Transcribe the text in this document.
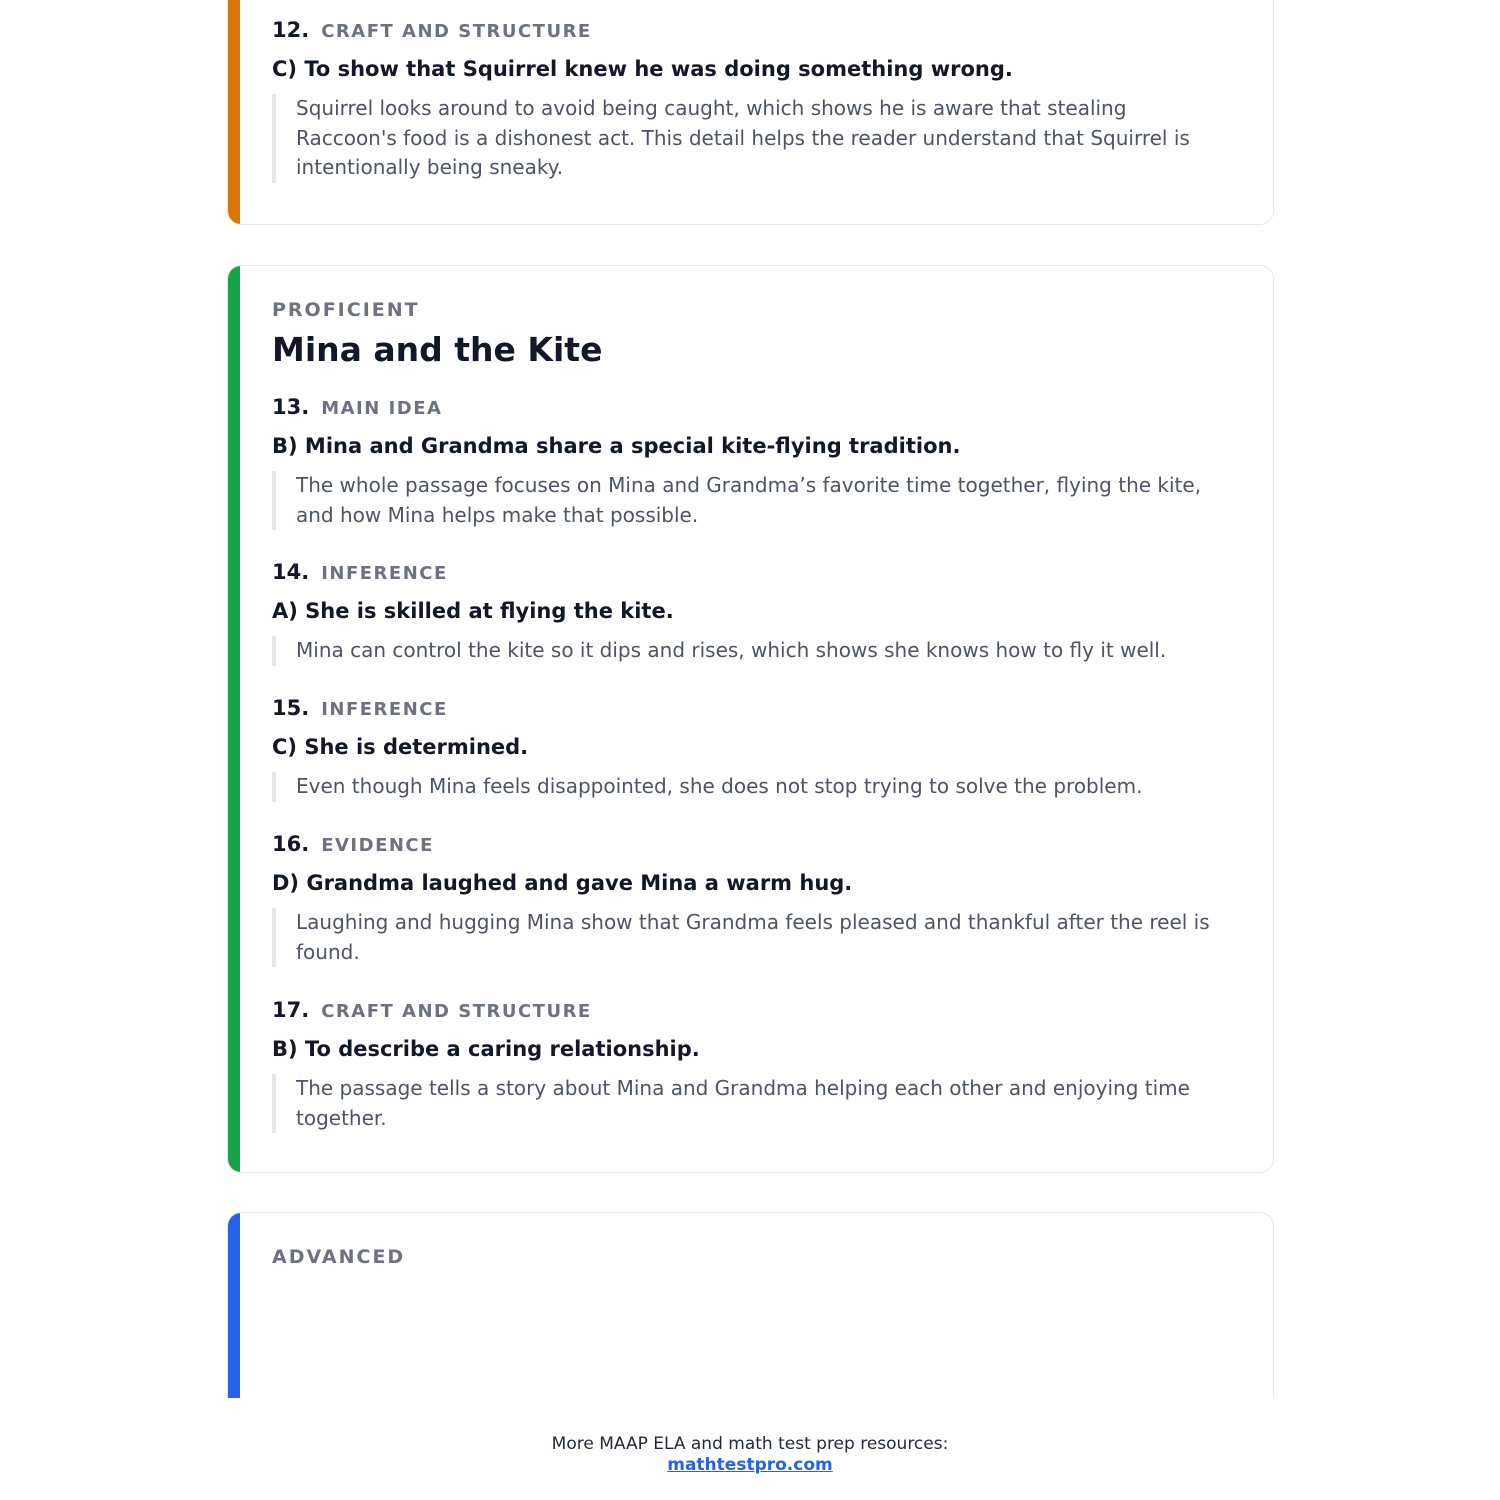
12. CRAFT AND STRUCTURE
C) To show that Squirrel knew he was doing something wrong.
Squirrel looks around to avoid being caught, which shows he is aware that stealing Raccoon's food is a dishonest act. This detail helps the reader understand that Squirrel is intentionally being sneaky.
PROFICIENT
Mina and the Kite
13. MAIN IDEA
B) Mina and Grandma share a special kite-flying tradition.
The whole passage focuses on Mina and Grandma’s favorite time together, flying the kite, and how Mina helps make that possible.
14. INFERENCE
A) She is skilled at flying the kite.
Mina can control the kite so it dips and rises, which shows she knows how to fly it well.
15. INFERENCE
C) She is determined.
Even though Mina feels disappointed, she does not stop trying to solve the problem.
16. EVIDENCE
D) Grandma laughed and gave Mina a warm hug.
Laughing and hugging Mina show that Grandma feels pleased and thankful after the reel is found.
17. CRAFT AND STRUCTURE
B) To describe a caring relationship.
The passage tells a story about Mina and Grandma helping each other and enjoying time together.
ADVANCED
More MAAP ELA and math test prep resources:
mathtestpro.com
